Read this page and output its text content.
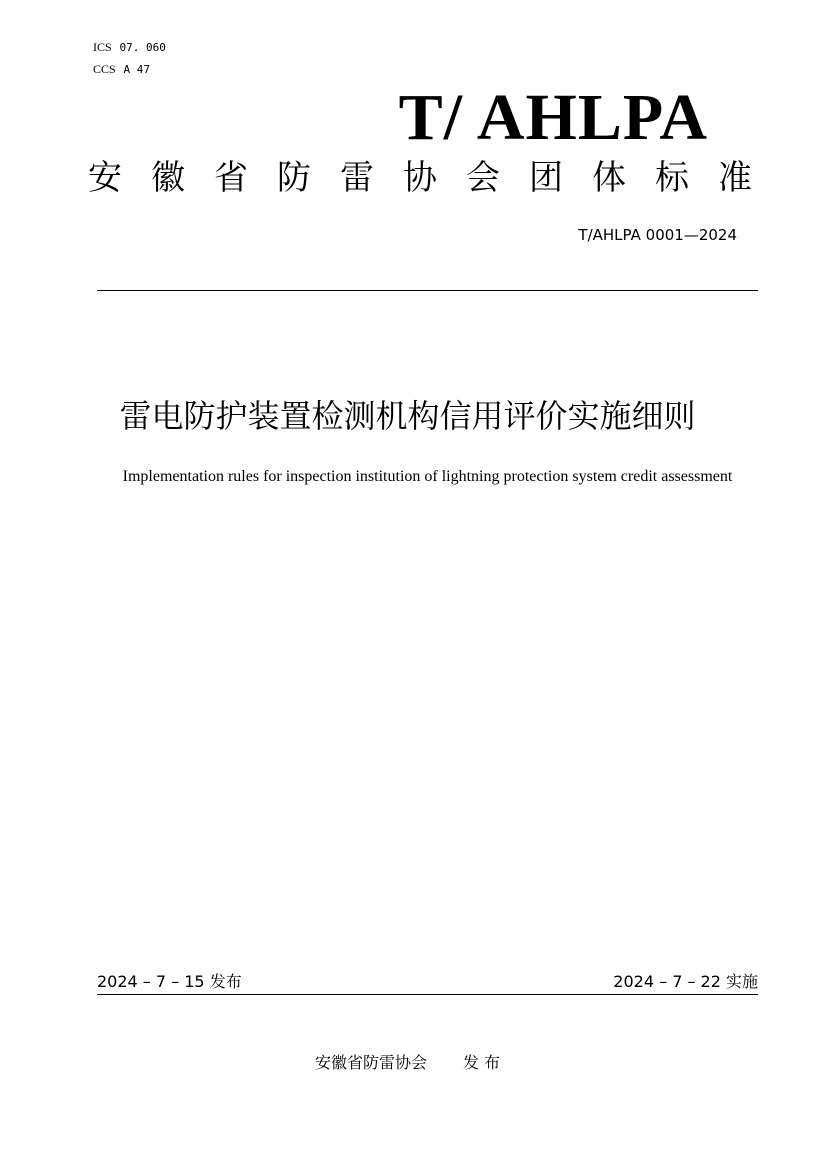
ICS 07. 060
CCS A 47
T/ AHLPA
安 徽 省 防 雷 协 会 团 体 标 准
T/AHLPA 0001—2024
雷电防护装置检测机构信用评价实施细则
Implementation rules for inspection institution of lightning protection system credit assessment
2024 – 7 – 15 发布	2024 – 7 – 22 实施
安徽省防雷协会 发 布
